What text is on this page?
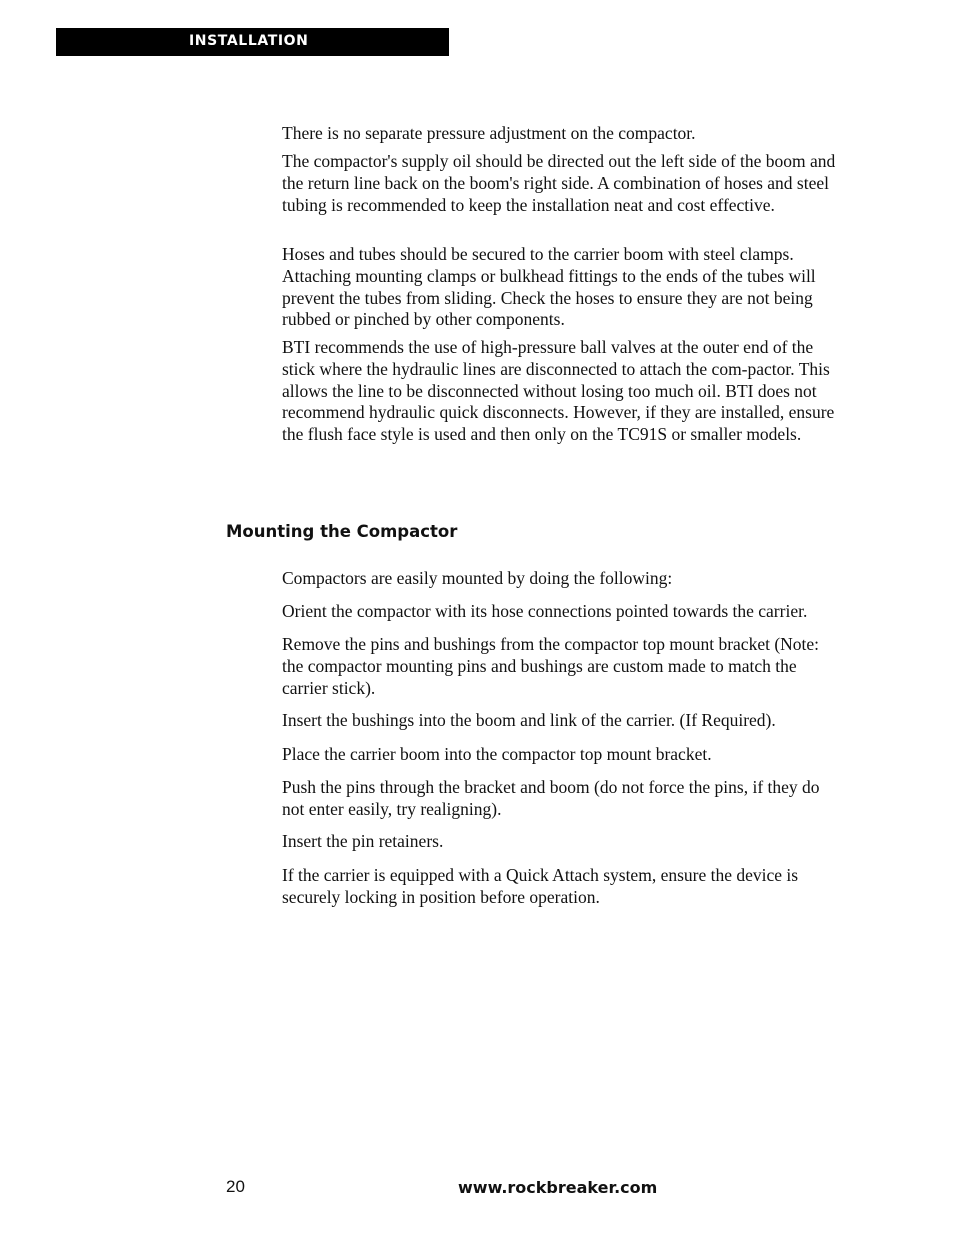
INSTALLATION

There is no separate pressure adjustment on the compactor.

The compactor's supply oil should be directed out the left side of the boom and the return line back on the boom's right side. A combination of hoses and steel tubing is recommended to keep the installation neat and cost effective.

Hoses and tubes should be secured to the carrier boom with steel clamps. Attaching mounting clamps or bulkhead fittings to the ends of the tubes will prevent the tubes from sliding. Check the hoses to ensure they are not being rubbed or pinched by other components.

BTI recommends the use of high-pressure ball valves at the outer end of the stick where the hydraulic lines are disconnected to attach the com-pactor. This allows the line to be disconnected without losing too much oil. BTI does not recommend hydraulic quick disconnects. However, if they are installed, ensure the flush face style is used and then only on the TC91S or smaller models.

Mounting the Compactor

Compactors are easily mounted by doing the following:

Orient the compactor with its hose connections pointed towards the carrier.

Remove the pins and bushings from the compactor top mount bracket (Note: the compactor mounting pins and bushings are custom made to match the carrier stick).

Insert the bushings into the boom and link of the carrier. (If Required).

Place the carrier boom into the compactor top mount bracket.

Push the pins through the bracket and boom (do not force the pins, if they do not enter easily, try realigning).

Insert the pin retainers.

If the carrier is equipped with a Quick Attach system, ensure the device is securely locking in position before operation.

20	www.rockbreaker.com
